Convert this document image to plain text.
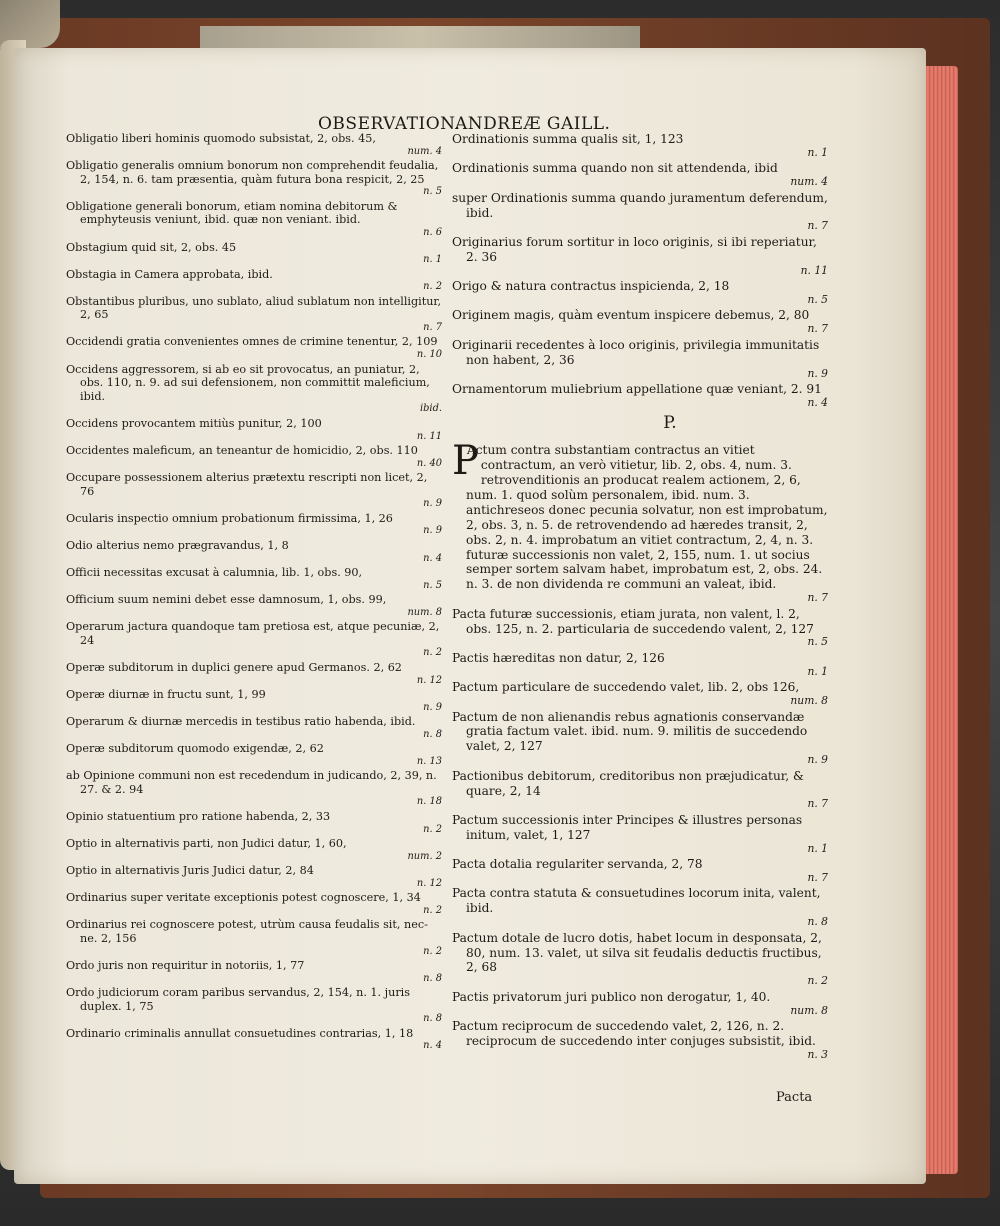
OBSERVATION.
ANDREÆ GAILL.

Obligatio liberi hominis quomodo subsistat, 2, obs. 45,
num. 4

Obligatio generalis omnium bonorum non comprehendit feudalia, 2, 154, n. 6. tam præsentia, quàm futura bona respicit, 2, 25
n. 5

Obligatione generali bonorum, etiam nomina debitorum & emphyteusis veniunt, ibid. quæ non veniant. ibid.
n. 6

Obstagium quid sit, 2, obs. 45
n. 1

Obstagia in Camera approbata, ibid.
n. 2

Obstantibus pluribus, uno sublato, aliud sublatum non intelligitur, 2, 65
n. 7

Occidendi gratia convenientes omnes de crimine tenentur, 2, 109
n. 10

Occidens aggressorem, si ab eo sit provocatus, an puniatur, 2, obs. 110, n. 9. ad sui defensionem, non committit maleficium, ibid.
ibid.

Occidens provocantem mitiùs punitur, 2, 100
n. 11

Occidentes maleficum, an teneantur de homicidio, 2, obs. 110
n. 40

Occupare possessionem alterius prætextu rescripti non licet, 2, 76
n. 9

Ocularis inspectio omnium probationum firmissima, 1, 26
n. 9

Odio alterius nemo prægravandus, 1, 8
n. 4

Officii necessitas excusat à calumnia, lib. 1, obs. 90,
n. 5

Officium suum nemini debet esse damnosum, 1, obs. 99,
num. 8

Operarum jactura quandoque tam pretiosa est, atque pecuniæ, 2, 24
n. 2

Operæ subditorum in duplici genere apud Germanos. 2, 62
n. 12

Operæ diurnæ in fructu sunt, 1, 99
n. 9

Operarum & diurnæ mercedis in testibus ratio habenda, ibid.
n. 8

Operæ subditorum quomodo exigendæ, 2, 62
n. 13

ab Opinione communi non est recedendum in judicando, 2, 39, n. 27. & 2. 94
n. 18

Opinio statuentium pro ratione habenda, 2, 33
n. 2

Optio in alternativis parti, non Judici datur, 1, 60,
num. 2

Optio in alternativis Juris Judici datur, 2, 84
n. 12

Ordinarius super veritate exceptionis potest cognoscere, 1, 34
n. 2

Ordinarius rei cognoscere potest, utrùm causa feudalis sit, nec-ne. 2, 156
n. 2

Ordo juris non requiritur in notoriis, 1, 77
n. 8

Ordo judiciorum coram paribus servandus, 2, 154, n. 1. juris duplex. 1, 75
n. 8

Ordinario criminalis annullat consuetudines contrarias, 1, 18
n. 4

Ordinationis summa qualis sit, 1, 123
n. 1

Ordinationis summa quando non sit attendenda, ibid
num. 4

super Ordinationis summa quando juramentum deferendum, ibid.
n. 7

Originarius forum sortitur in loco originis, si ibi reperiatur, 2. 36
n. 11

Origo & natura contractus inspicienda, 2, 18
n. 5

Originem magis, quàm eventum inspicere debemus, 2, 80
n. 7

Originarii recedentes à loco originis, privilegia immunitatis non habent, 2, 36
n. 9

Ornamentorum muliebrium appellatione quæ veniant, 2. 91
n. 4

P.

P
Actum contra substantiam contractus an vitiet contractum, an verò vitietur, lib. 2, obs. 4, num. 3. retrovenditionis an producat realem actionem, 2, 6, num. 1. quod solùm personalem, ibid. num. 3. antichreseos donec pecunia solvatur, non est improbatum, 2, obs. 3, n. 5. de retrovendendo ad hæredes transit, 2, obs. 2, n. 4. improbatum an vitiet contractum, 2, 4, n. 3. futuræ successionis non valet, 2, 155, num. 1. ut socius semper sortem salvam habet, improbatum est, 2, obs. 24. n. 3. de non dividenda re communi an valeat, ibid.
n. 7

Pacta futuræ successionis, etiam jurata, non valent, l. 2, obs. 125, n. 2. particularia de succedendo valent, 2, 127
n. 5

Pactis hæreditas non datur, 2, 126
n. 1

Pactum particulare de succedendo valet, lib. 2, obs 126,
num. 8

Pactum de non alienandis rebus agnationis conservandæ gratia factum valet. ibid. num. 9. militis de succedendo valet, 2, 127
n. 9

Pactionibus debitorum, creditoribus non præjudicatur, & quare, 2, 14
n. 7

Pactum successionis inter Principes & illustres personas initum, valet, 1, 127
n. 1

Pacta dotalia regulariter servanda, 2, 78
n. 7

Pacta contra statuta & consuetudines locorum inita, valent, ibid.
n. 8

Pactum dotale de lucro dotis, habet locum in desponsata, 2, 80, num. 13. valet, ut silva sit feudalis deductis fructibus, 2, 68
n. 2

Pactis privatorum juri publico non derogatur, 1, 40.
num. 8

Pactum reciprocum de succedendo valet, 2, 126, n. 2. reciprocum de succedendo inter conjuges subsistit, ibid.
n. 3

Pacta
